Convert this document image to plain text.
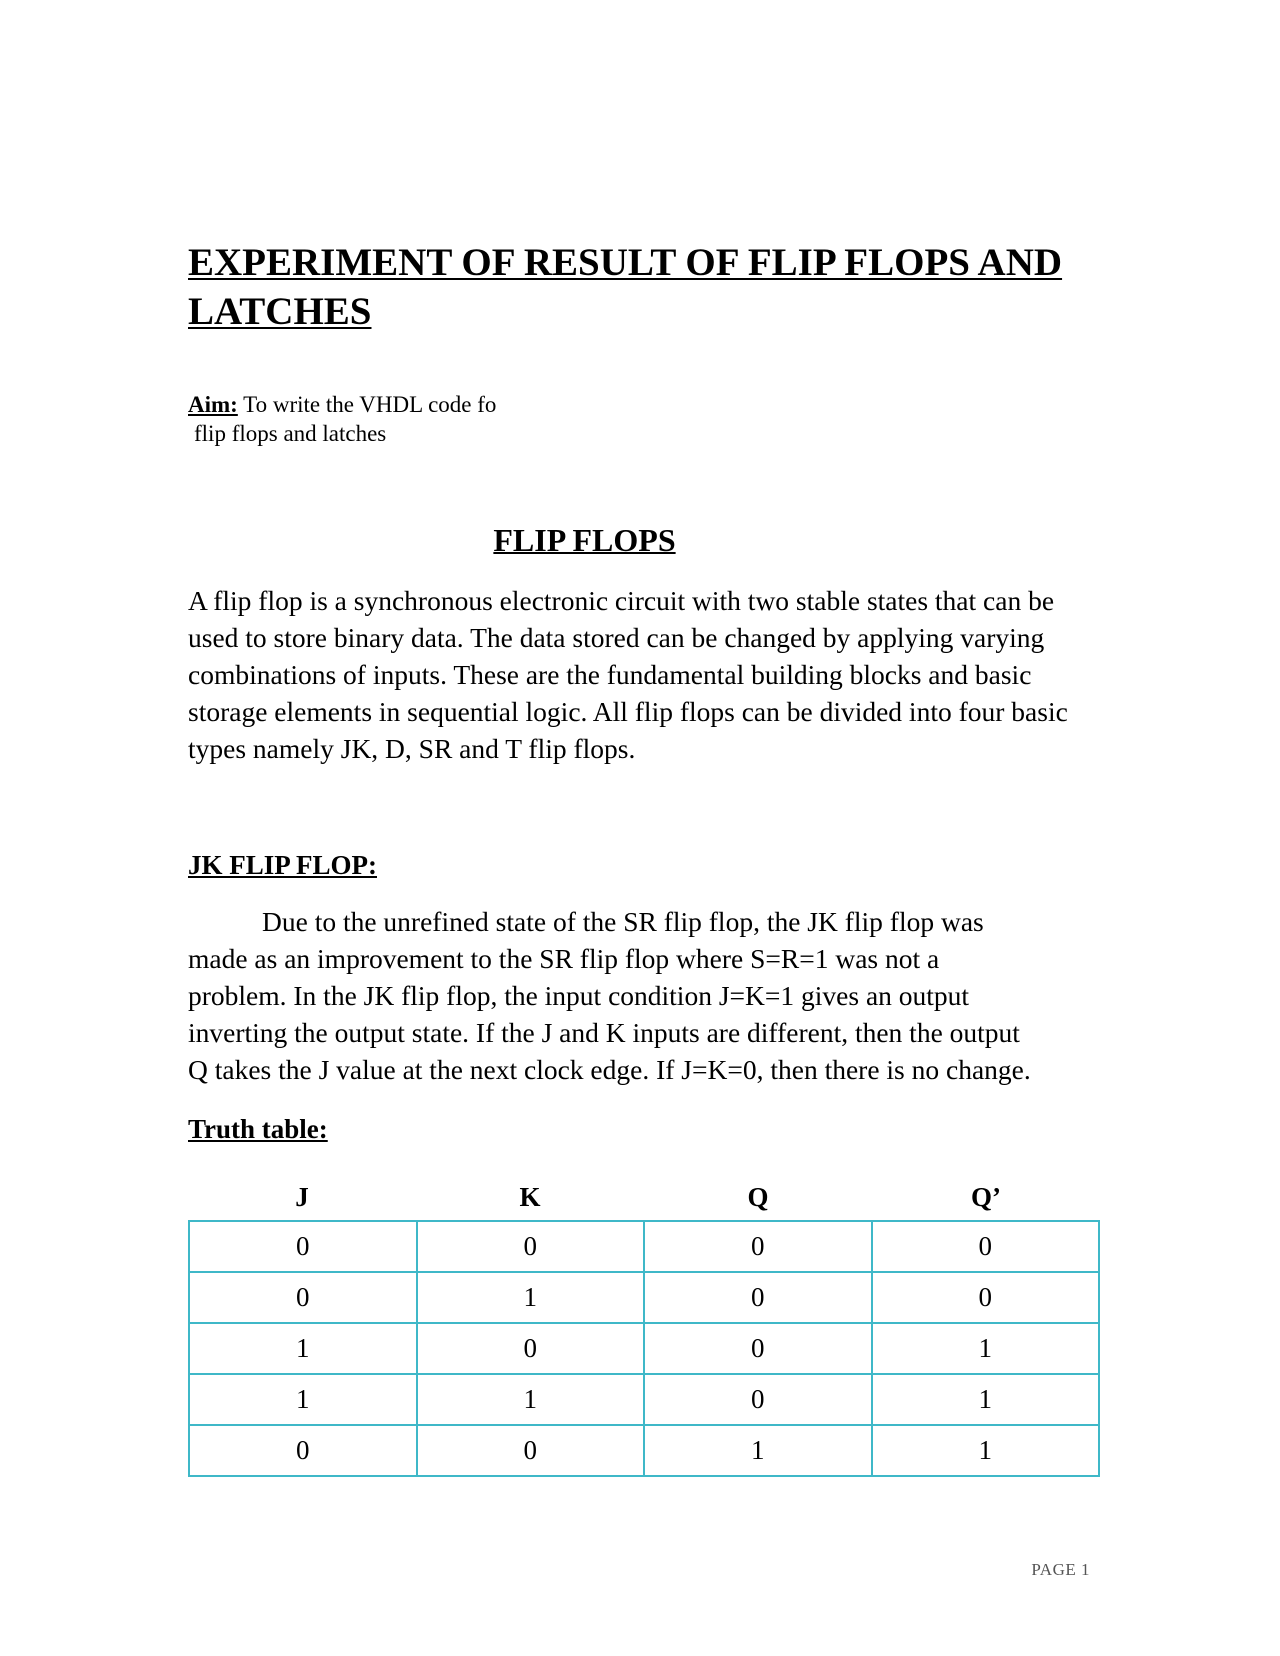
EXPERIMENT OF RESULT OF FLIP FLOPS AND LATCHES
Aim: To write the VHDL code fo
flip flops and latches
FLIP FLOPS

A flip flop is a synchronous electronic circuit with two stable states that can be used to store binary data. The data stored can be changed by applying varying combinations of inputs. These are the fundamental building blocks and basic storage elements in sequential logic. All flip flops can be divided into four basic types namely JK, D, SR and T flip flops.

JK FLIP FLOP:

Due to the unrefined state of the SR flip flop, the JK flip flop was
made as an improvement to the SR flip flop where S=R=1 was not a
problem. In the JK flip flop, the input condition J=K=1 gives an output
inverting the output state. If the J and K inputs are different, then the output
Q takes the J value at the next clock edge. If J=K=0, then there is no change.

Truth table:
J	K	Q	Q’
0	0	0	0
0	1	0	0
1	0	0	1
1	1	0	1
0	0	1	1
PAGE 1
